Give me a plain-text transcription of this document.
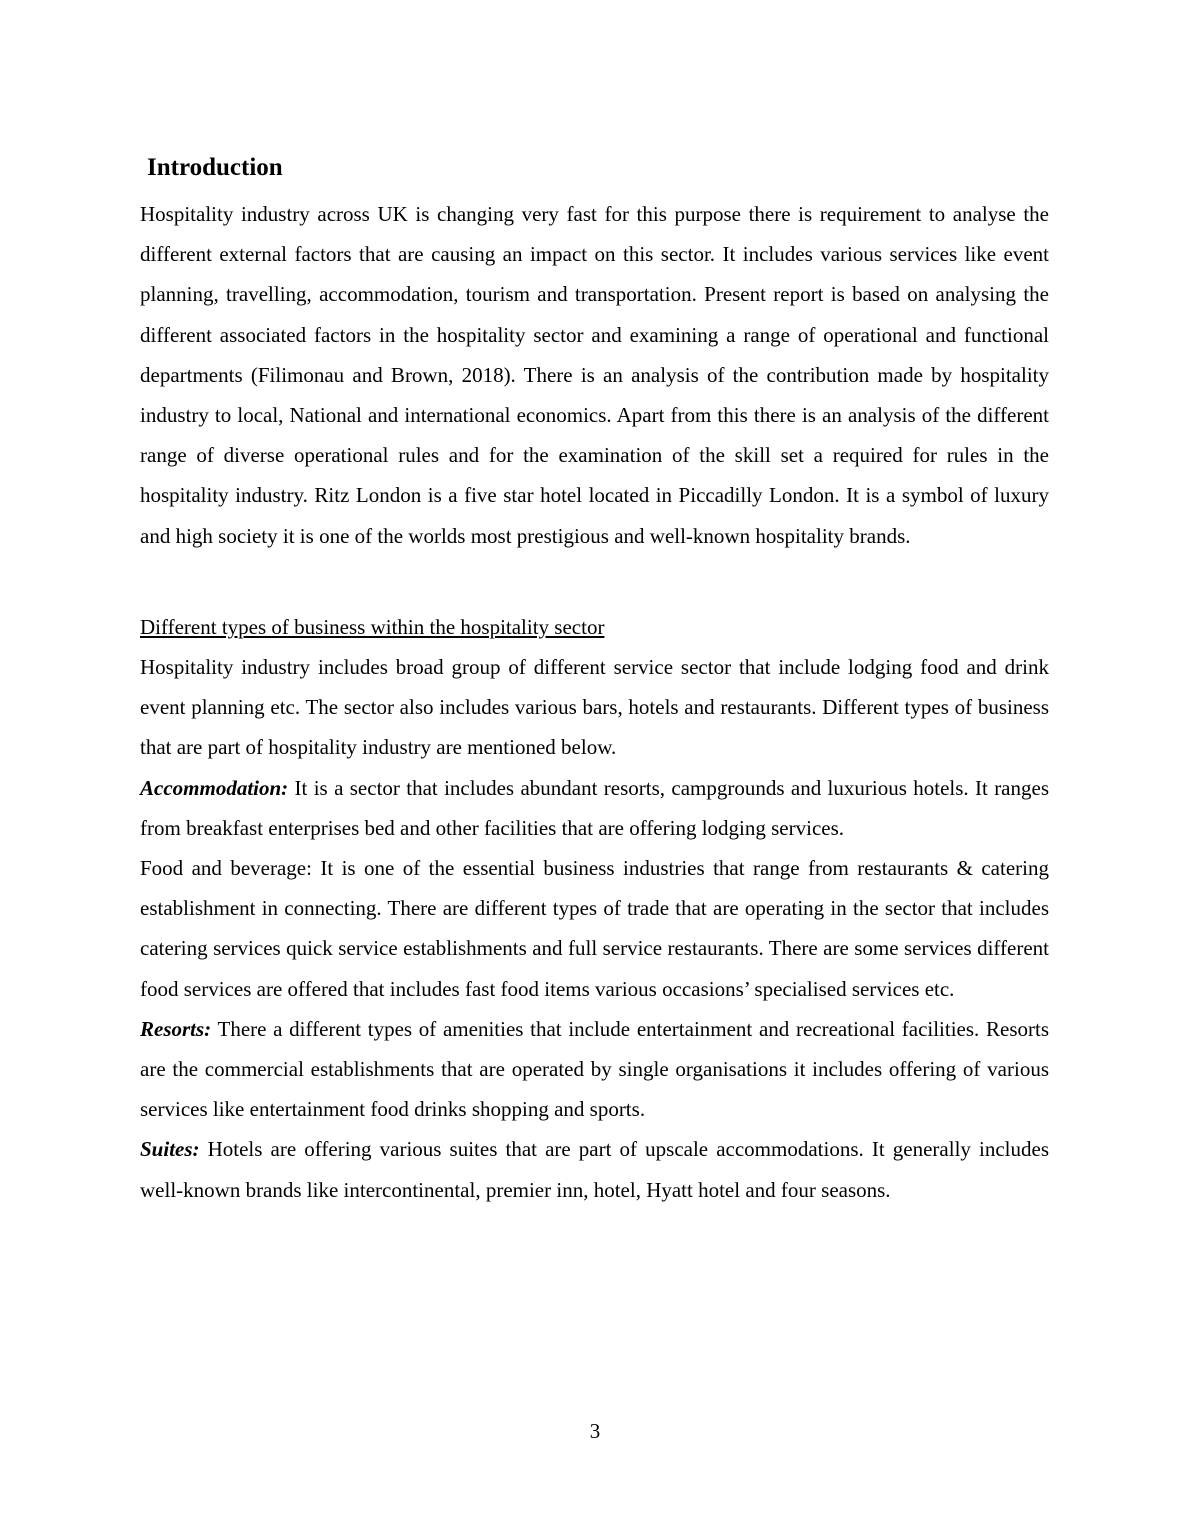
Introduction

Hospitality industry across UK is changing very fast for this purpose there is requirement to analyse the different external factors that are causing an impact on this sector. It includes various services like event planning, travelling, accommodation, tourism and transportation. Present report is based on analysing the different associated factors in the hospitality sector and examining a range of operational and functional departments (Filimonau and Brown, 2018). There is an analysis of the contribution made by hospitality industry to local, National and international economics. Apart from this there is an analysis of the different range of diverse operational rules and for the examination of the skill set a required for rules in the hospitality industry. Ritz London is a five star hotel located in Piccadilly London. It is a symbol of luxury and high society it is one of the worlds most prestigious and well-known hospitality brands.

Different types of business within the hospitality sector

Hospitality industry includes broad group of different service sector that include lodging food and drink event planning etc. The sector also includes various bars, hotels and restaurants. Different types of business that are part of hospitality industry are mentioned below.

Accommodation: It is a sector that includes abundant resorts, campgrounds and luxurious hotels. It ranges from breakfast enterprises bed and other facilities that are offering lodging services.

Food and beverage: It is one of the essential business industries that range from restaurants & catering establishment in connecting. There are different types of trade that are operating in the sector that includes catering services quick service establishments and full service restaurants. There are some services different food services are offered that includes fast food items various occasions’ specialised services etc.

Resorts: There a different types of amenities that include entertainment and recreational facilities. Resorts are the commercial establishments that are operated by single organisations it includes offering of various services like entertainment food drinks shopping and sports.

Suites: Hotels are offering various suites that are part of upscale accommodations. It generally includes well-known brands like intercontinental, premier inn, hotel, Hyatt hotel and four seasons.

3
